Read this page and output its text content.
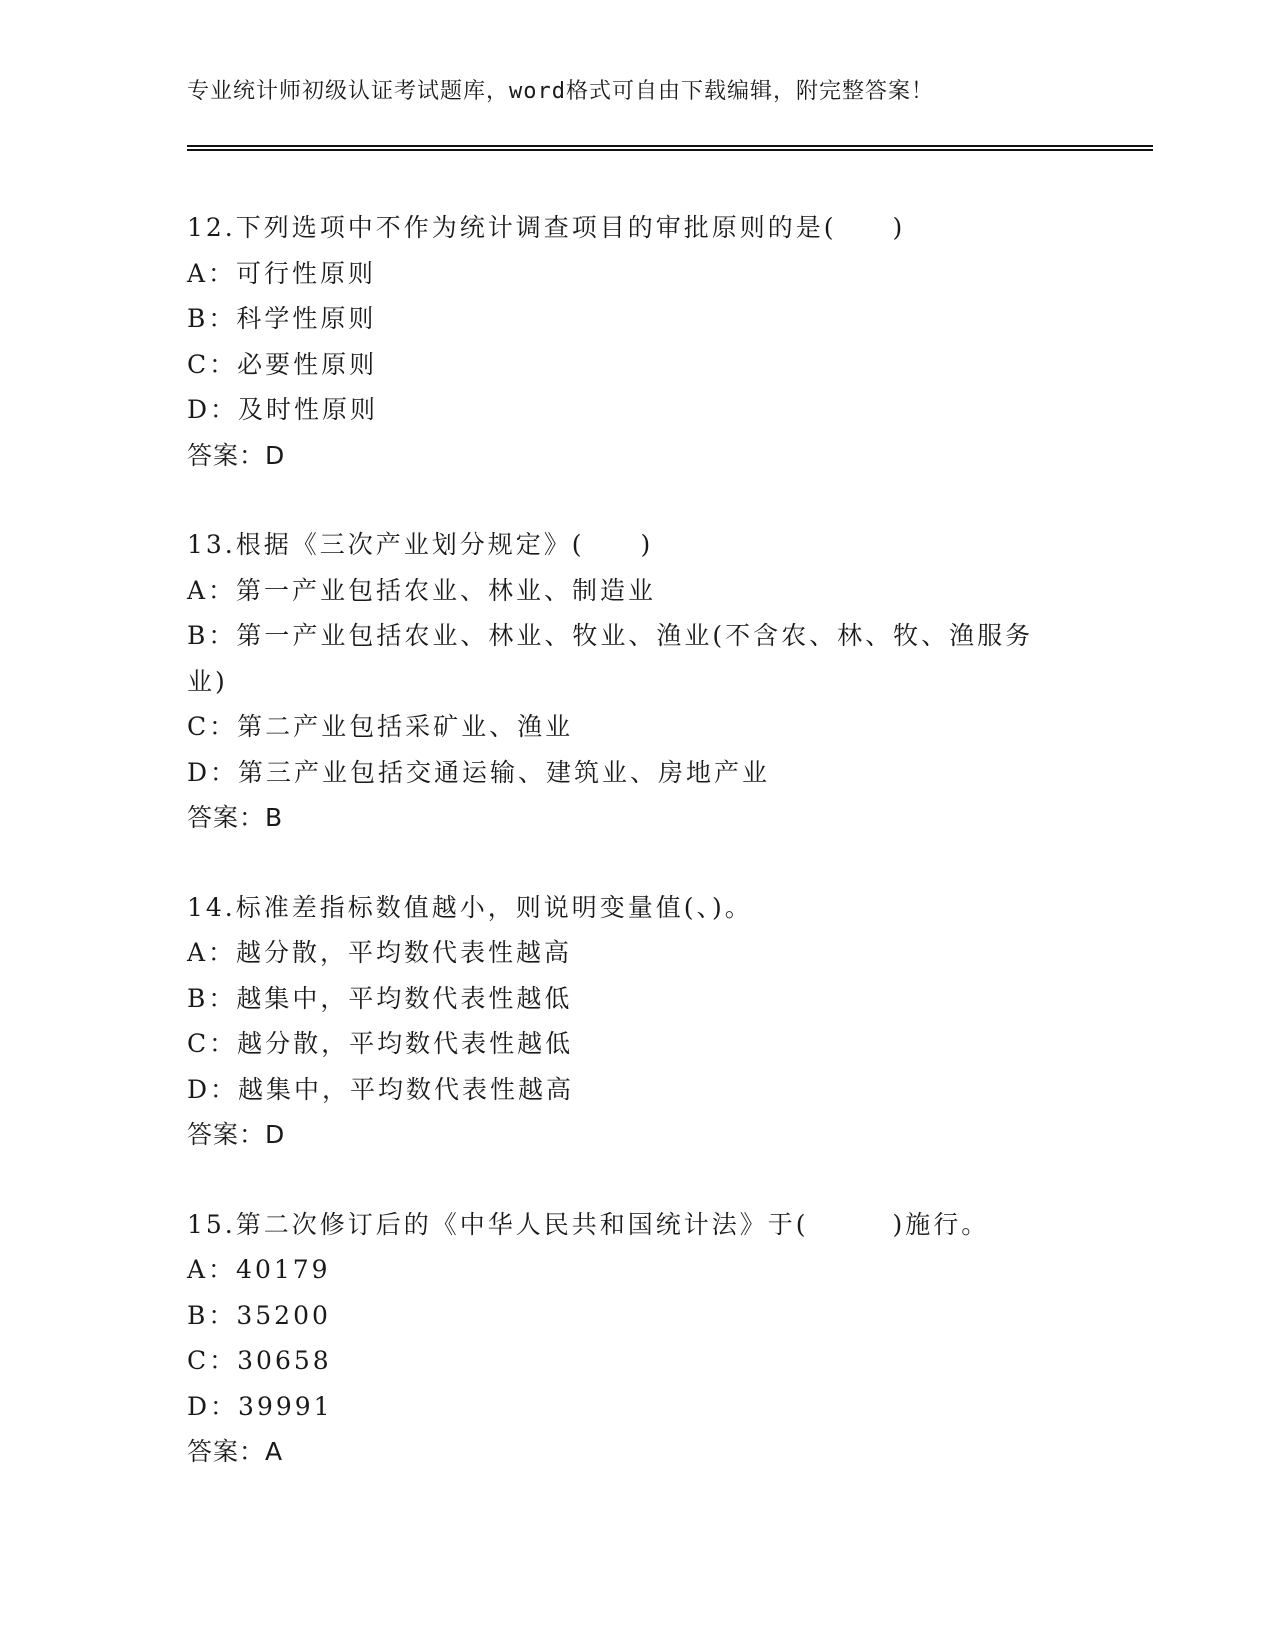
专业统计师初级认证考试题库，word格式可自由下载编辑，附完整答案！
12.下列选项中不作为统计调查项目的审批原则的是(　　)
A：可行性原则
B：科学性原则
C：必要性原则
D：及时性原则
答案：D
13.根据《三次产业划分规定》(　　)
A：第一产业包括农业、林业、制造业
B：第一产业包括农业、林业、牧业、渔业(不含农、林、牧、渔服务业)
C：第二产业包括采矿业、渔业
D：第三产业包括交通运输、建筑业、房地产业
答案：B
14.标准差指标数值越小，则说明变量值(、)。
A：越分散，平均数代表性越高
B：越集中，平均数代表性越低
C：越分散，平均数代表性越低
D：越集中，平均数代表性越高
答案：D
15.第二次修订后的《中华人民共和国统计法》于(　　　)施行。
A：40179
B：35200
C：30658
D：39991
答案：A
